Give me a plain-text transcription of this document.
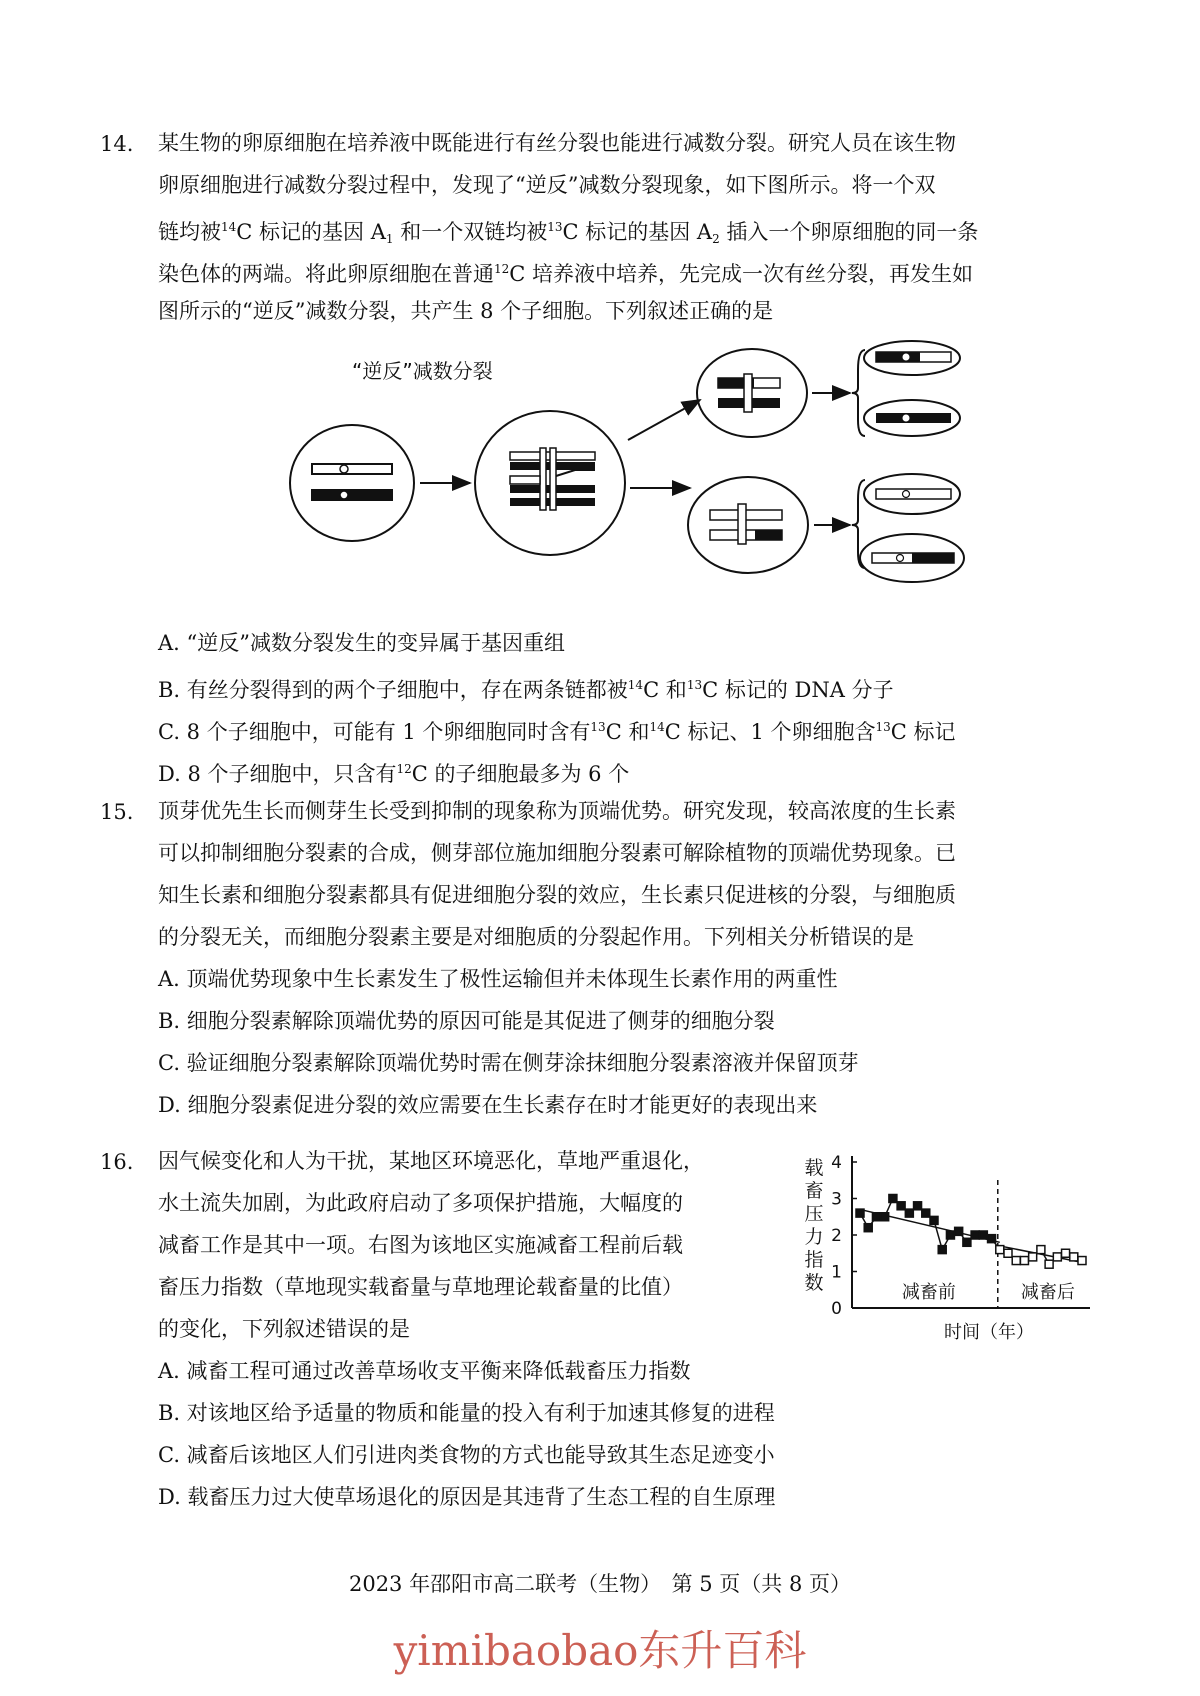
14. 某生物的卵原细胞在培养液中既能进行有丝分裂也能进行减数分裂。研究人员在该生物
卵原细胞进行减数分裂过程中，发现了“逆反”减数分裂现象，如下图所示。将一个双
链均被$^{14}$C 标记的基因 $A_1$ 和一个双链均被$^{13}$C 标记的基因 $A_2$ 插入一个卵原细胞的同一条
染色体的两端。将此卵原细胞在普通$^{12}$C 培养液中培养，先完成一次有丝分裂，再发生如
图所示的“逆反”减数分裂，共产生 8 个子细胞。下列叙述正确的是
“逆反”减数分裂
A. “逆反”减数分裂发生的变异属于基因重组
B. 有丝分裂得到的两个子细胞中，存在两条链都被$^{14}$C 和$^{13}$C 标记的 DNA 分子
C. 8 个子细胞中，可能有 1 个卵细胞同时含有$^{13}$C 和$^{14}$C 标记、1 个卵细胞含$^{13}$C 标记
D. 8 个子细胞中，只含有$^{12}$C 的子细胞最多为 6 个
15. 顶芽优先生长而侧芽生长受到抑制的现象称为顶端优势。研究发现，较高浓度的生长素
可以抑制细胞分裂素的合成，侧芽部位施加细胞分裂素可解除植物的顶端优势现象。已
知生长素和细胞分裂素都具有促进细胞分裂的效应，生长素只促进核的分裂，与细胞质
的分裂无关，而细胞分裂素主要是对细胞质的分裂起作用。下列相关分析错误的是
A. 顶端优势现象中生长素发生了极性运输但并未体现生长素作用的两重性
B. 细胞分裂素解除顶端优势的原因可能是其促进了侧芽的细胞分裂
C. 验证细胞分裂素解除顶端优势时需在侧芽涂抹细胞分裂素溶液并保留顶芽
D. 细胞分裂素促进分裂的效应需要在生长素存在时才能更好的表现出来
16. 因气候变化和人为干扰，某地区环境恶化，草地严重退化，
水土流失加剧，为此政府启动了多项保护措施，大幅度的
减畜工作是其中一项。右图为该地区实施减畜工程前后载
畜压力指数（草地现实载畜量与草地理论载畜量的比值）
的变化，下列叙述错误的是
A. 减畜工程可通过改善草场收支平衡来降低载畜压力指数
B. 对该地区给予适量的物质和能量的投入有利于加速其修复的进程
C. 减畜后该地区人们引进肉类食物的方式也能导致其生态足迹变小
D. 载畜压力过大使草场退化的原因是其违背了生态工程的自生原理
0
1
2
3
4
载
畜
压
力
指
数
时间（年）
减畜前	减畜后
2023 年邵阳市高二联考（生物）　第 5 页（共 8 页）
yimibaobao东升百科
